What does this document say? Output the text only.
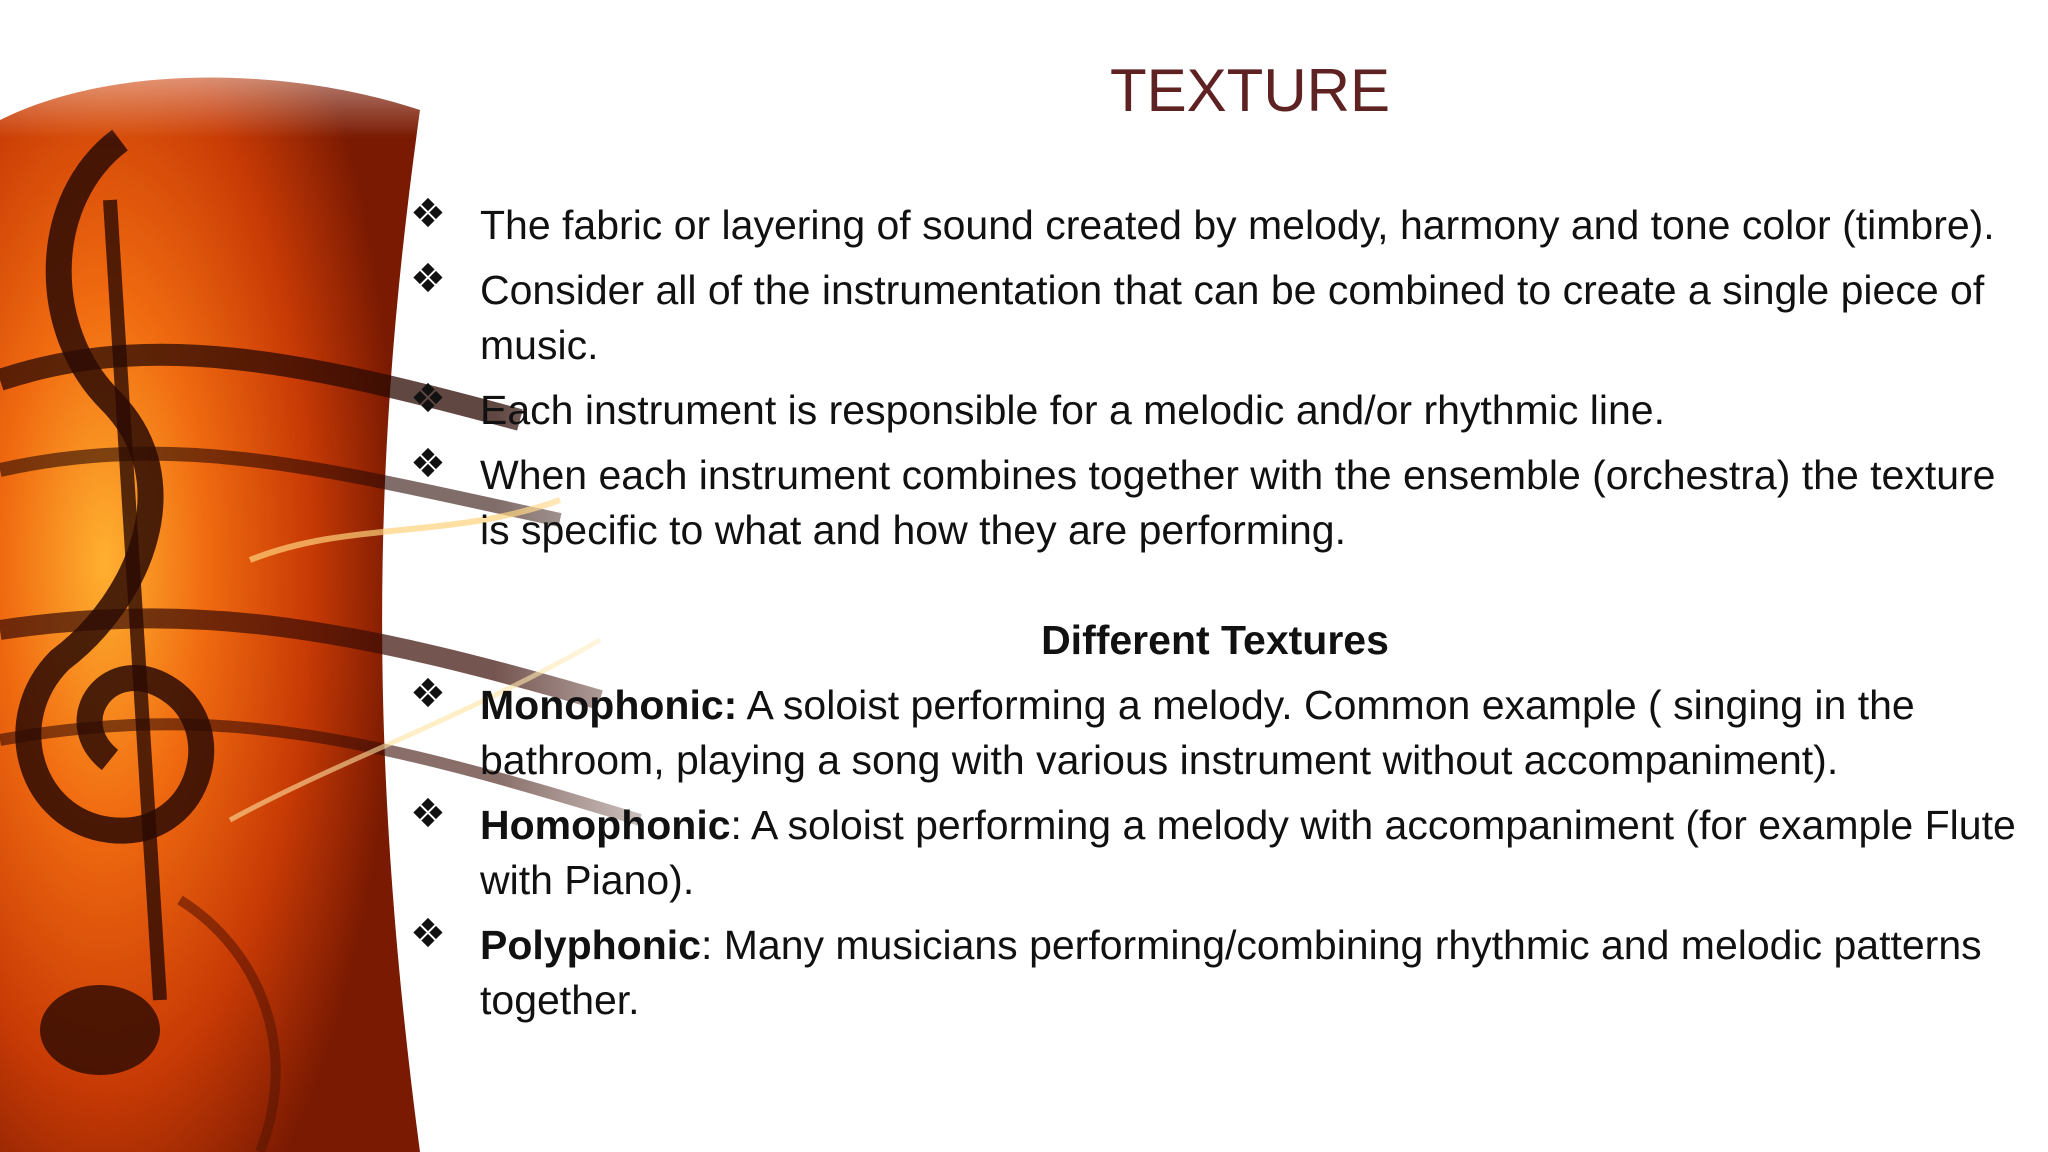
TEXTURE
❖ The fabric or layering of sound created by melody, harmony and tone color (timbre).
❖ Consider all of the instrumentation that can be combined to create a single piece of music.
❖ Each instrument is responsible for a melodic and/or rhythmic line.
❖ When each instrument combines together with the ensemble (orchestra) the texture is specific to what and how they are performing.
Different Textures
❖ Monophonic: A soloist performing a melody. Common example ( singing in the bathroom, playing a song with various instrument without accompaniment).
❖ Homophonic: A soloist performing a melody with accompaniment (for example Flute with Piano).
❖ Polyphonic: Many musicians performing/combining rhythmic and melodic patterns together.
